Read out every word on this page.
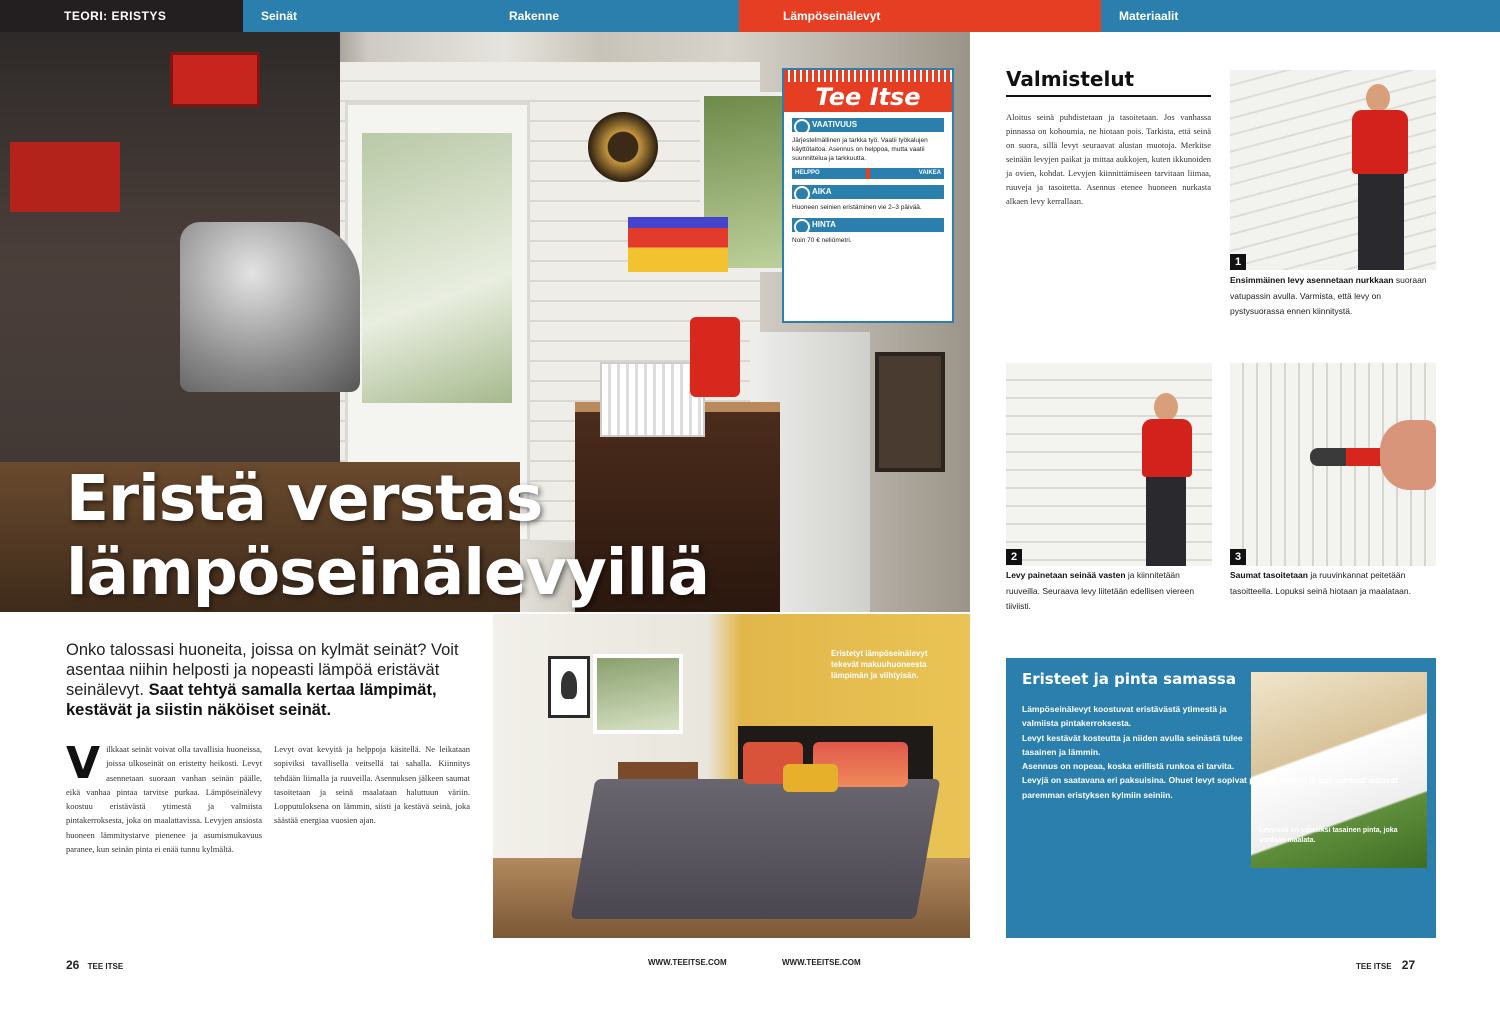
TEORI: ERISTYS	Seinät	Rakenne	Lämpöseinälevyt	Materiaalit
Eristä verstas
lämpöseinälevyillä
Tee Itse
VAATIVUUS

Järjestelmällinen ja tarkka työ. Vaatii työkalujen käyttötaitoa. Asennus on helppoa, mutta vaatii suunnittelua ja tarkkuutta.

HELPPO	VAIKEA
AIKA

Huoneen seinien eristäminen vie 2–3 päivää.

HINTA

Noin 70 € neliömetri.

Onko talossasi huoneita, joissa on kylmät seinät? Voit asentaa niihin helposti ja nopeasti lämpöä eristävät seinälevyt. Saat tehtyä samalla kertaa lämpimät, kestävät ja siistin näköiset seinät.
V ilkkaat seinät voivat olla tavallisia huoneissa, joissa ulkoseinät on eristetty heikosti. Levyt asennetaan suoraan vanhan seinän päälle, eikä vanhaa pintaa tarvitse purkaa. Lämpöseinälevy koostuu eristävästä ytimestä ja valmiista pintakerroksesta, joka on maalattavissa. Levyjen ansiosta huoneen lämmitystarve pienenee ja asumismukavuus paranee, kun seinän pinta ei enää tunnu kylmältä.
Levyt ovat kevyitä ja helppoja käsitellä. Ne leikataan sopiviksi tavallisella veitsellä tai sahalla. Kiinnitys tehdään liimalla ja ruuveilla. Asennuksen jälkeen saumat tasoitetaan ja seinä maalataan haluttuun väriin. Lopputuloksena on lämmin, siisti ja kestävä seinä, joka säästää energiaa vuosien ajan.
Eristetyt lämpöseinälevyt tekevät makuuhuoneesta lämpimän ja viihtyisän.
Valmistelut
Aloitus seinä puhdistetaan ja tasoitetaan. Jos vanhassa pinnassa on kohoumia, ne hiotaan pois. Tarkista, että seinä on suora, sillä levyt seuraavat alustan muotoja. Merkitse seinään levyjen paikat ja mittaa aukkojen, kuten ikkunoiden ja ovien, kohdat. Levyjen kiinnittämiseen tarvitaan liimaa, ruuveja ja tasoitetta. Asennus etenee huoneen nurkasta alkaen levy kerrallaan.
1
Ensimmäinen levy asennetaan nurkkaan suoraan vatupassin avulla. Varmista, että levy on pystysuorassa ennen kiinnitystä.
2
Levy painetaan seinää vasten ja kiinnitetään ruuveilla. Seuraava levy liitetään edellisen viereen tiiviisti.
3
Saumat tasoitetaan ja ruuvinkannat peitetään tasoitteella. Lopuksi seinä hiotaan ja maalataan.
Eristeet ja pinta samassa
Levyissä on valmiiksi tasainen pinta, joka voidaan maalata.

Lämpöseinälevyt koostuvat eristävästä ytimestä ja valmiista pintakerroksesta.

Levyt kestävät kosteutta ja niiden avulla seinästä tulee tasainen ja lämmin.

Asennus on nopeaa, koska erillistä runkoa ei tarvita.

Levyjä on saatavana eri paksuisina. Ohuet levyt sopivat pieniin tiloihin ja paksummat antavat paremman eristyksen kylmiin seiniin.

26 TEE ITSE	WWW.TEEITSE.COM	WWW.TEEITSE.COM	TEE ITSE 27
